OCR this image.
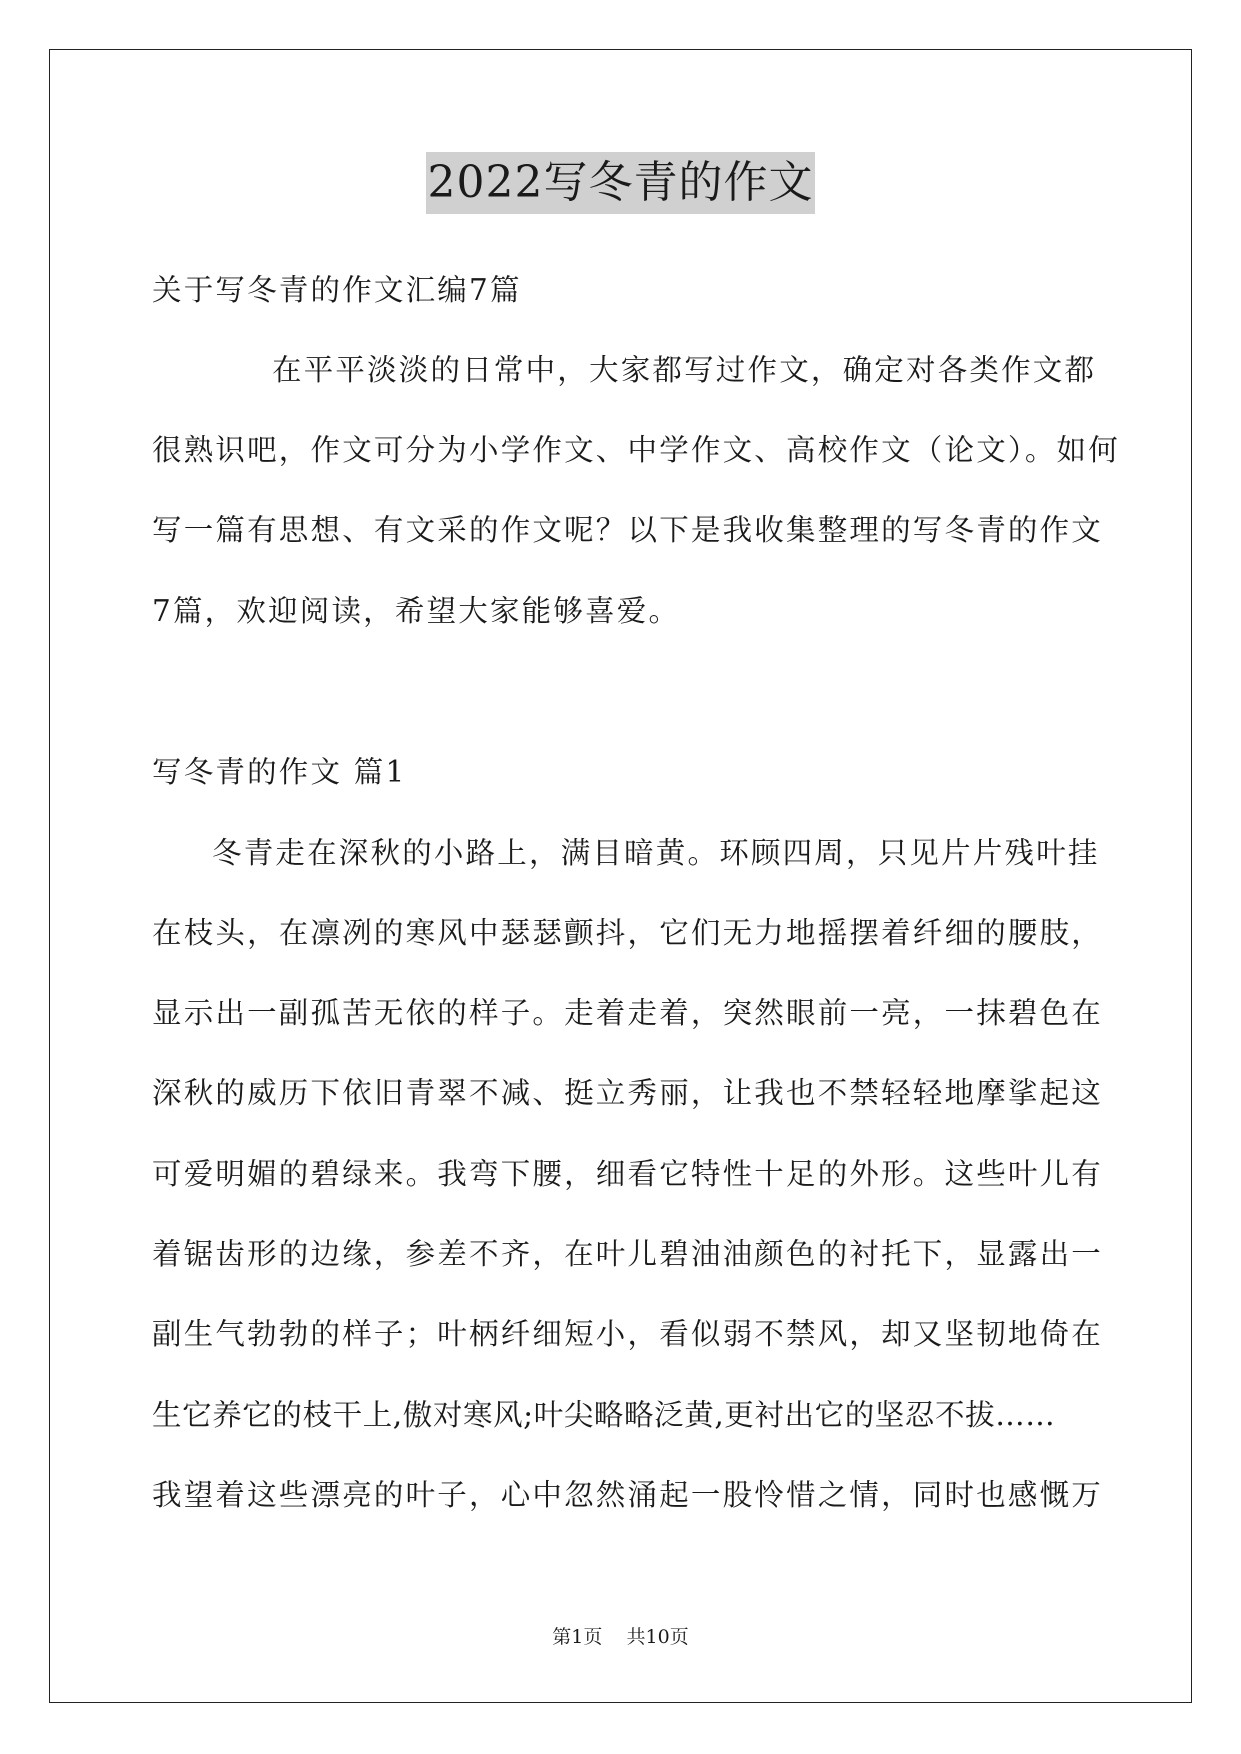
2022写冬青的作文
关于写冬青的作文汇编7篇
在平平淡淡的日常中，大家都写过作文，确定对各类作文都
很熟识吧，作文可分为小学作文、中学作文、高校作文（论文）。如何
写一篇有思想、有文采的作文呢？以下是我收集整理的写冬青的作文
7篇，欢迎阅读，希望大家能够喜爱。
写冬青的作文 篇1
冬青走在深秋的小路上，满目暗黄。环顾四周，只见片片残叶挂
在枝头，在凛冽的寒风中瑟瑟颤抖，它们无力地摇摆着纤细的腰肢，
显示出一副孤苦无依的样子。走着走着，突然眼前一亮，一抹碧色在
深秋的威历下依旧青翠不减、挺立秀丽，让我也不禁轻轻地摩挲起这
可爱明媚的碧绿来。我弯下腰，细看它特性十足的外形。这些叶儿有
着锯齿形的边缘，参差不齐，在叶儿碧油油颜色的衬托下，显露出一
副生气勃勃的样子；叶柄纤细短小，看似弱不禁风，却又坚韧地倚在
生它养它的枝干上,傲对寒风;叶尖略略泛黄,更衬出它的坚忍不拔……
我望着这些漂亮的叶子，心中忽然涌起一股怜惜之情，同时也感慨万
第1页 共10页
